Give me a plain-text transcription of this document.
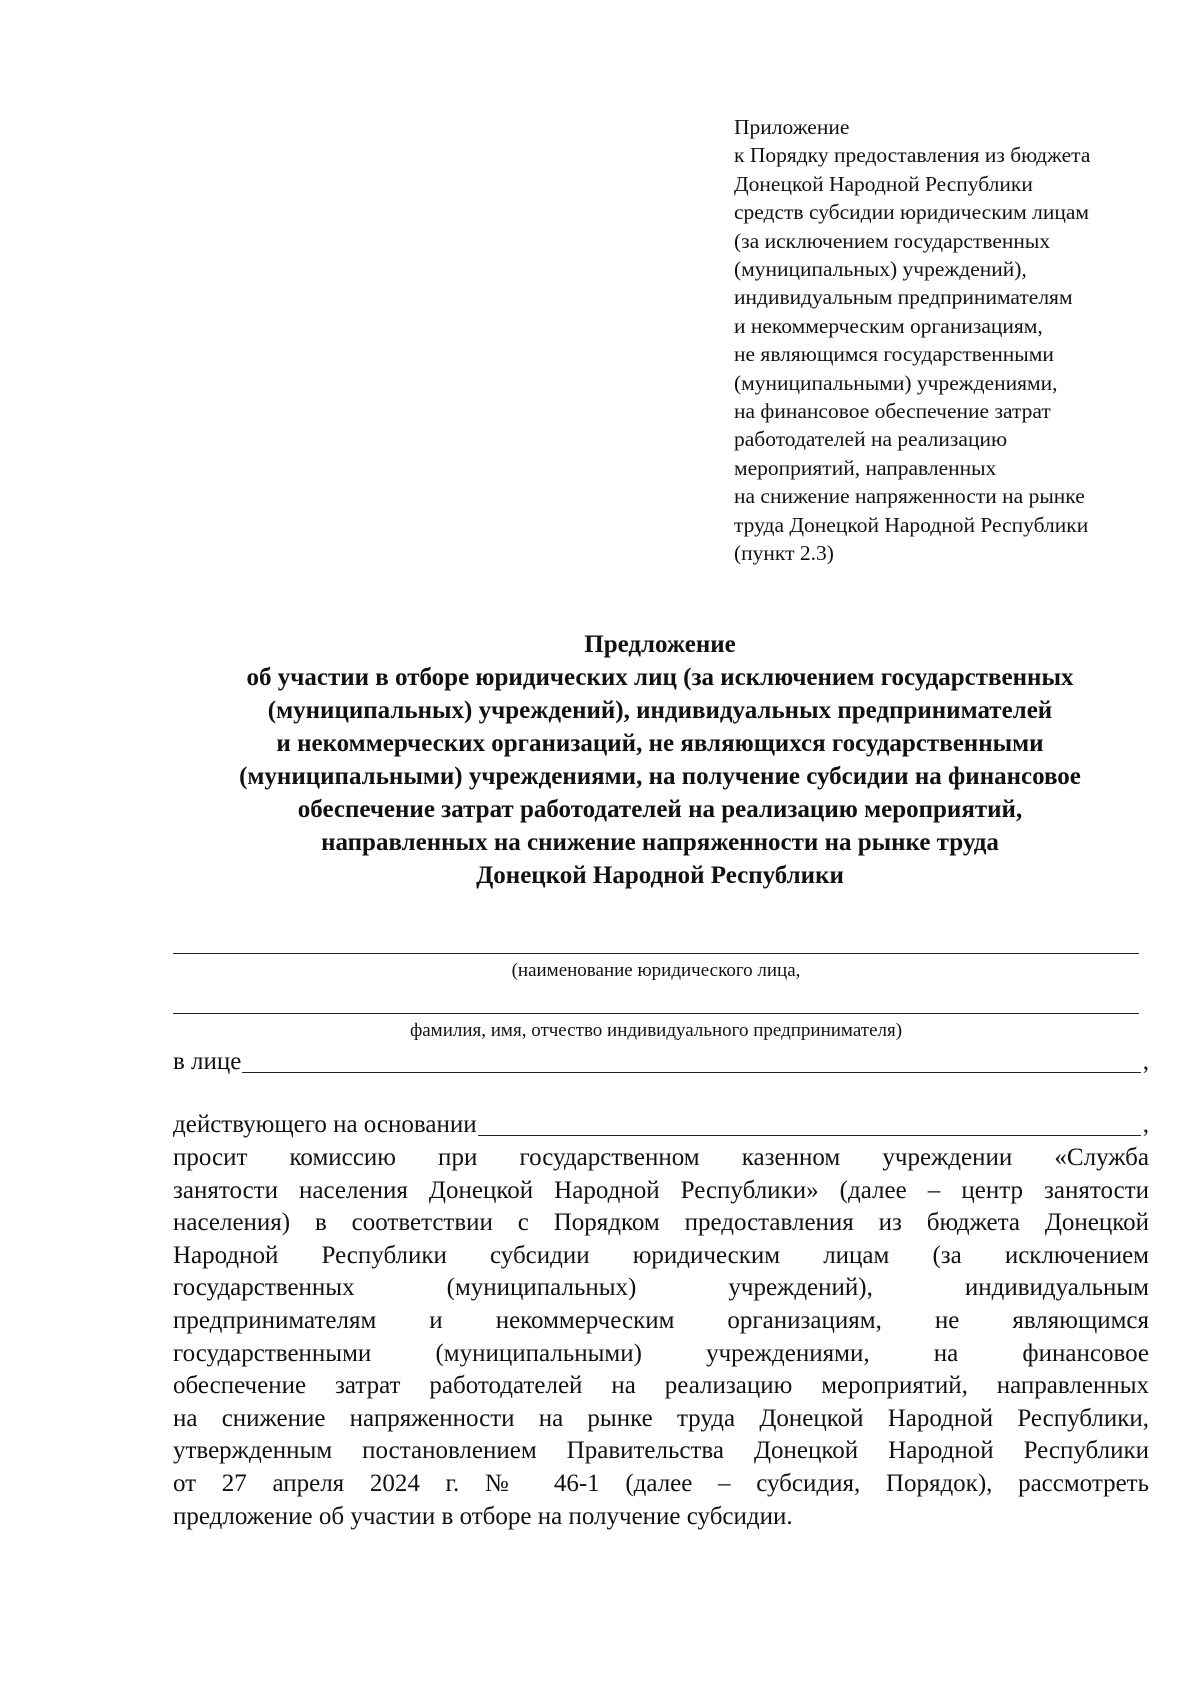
Приложение
к Порядку предоставления из бюджета
Донецкой Народной Республики
средств субсидии юридическим лицам
(за исключением государственных
(муниципальных) учреждений),
индивидуальным предпринимателям
и некоммерческим организациям,
не являющимся государственными
(муниципальными) учреждениями,
на финансовое обеспечение затрат
работодателей на реализацию
мероприятий, направленных
на снижение напряженности на рынке
труда Донецкой Народной Республики
(пункт 2.3)
Предложение
об участии в отборе юридических лиц (за исключением государственных
(муниципальных) учреждений), индивидуальных предпринимателей
и некоммерческих организаций, не являющихся государственными
(муниципальными) учреждениями, на получение субсидии на финансовое
обеспечение затрат работодателей на реализацию мероприятий,
направленных на снижение напряженности на рынке труда
Донецкой Народной Республики
(наименование юридического лица,
фамилия, имя, отчество индивидуального предпринимателя)
в лице	,
действующего на основании	,
просит комиссию при государственном казенном учреждении «Служба
занятости населения Донецкой Народной Республики» (далее – центр занятости
населения) в соответствии с Порядком предоставления из бюджета Донецкой
Народной Республики субсидии юридическим лицам (за исключением
государственных (муниципальных) учреждений), индивидуальным
предпринимателям и некоммерческим организациям, не являющимся
государственными (муниципальными) учреждениями, на финансовое
обеспечение затрат работодателей на реализацию мероприятий, направленных
на снижение напряженности на рынке труда Донецкой Народной Республики,
утвержденным постановлением Правительства Донецкой Народной Республики
от 27 апреля 2024 г. № 46-1 (далее – субсидия, Порядок), рассмотреть
предложение об участии в отборе на получение субсидии.
